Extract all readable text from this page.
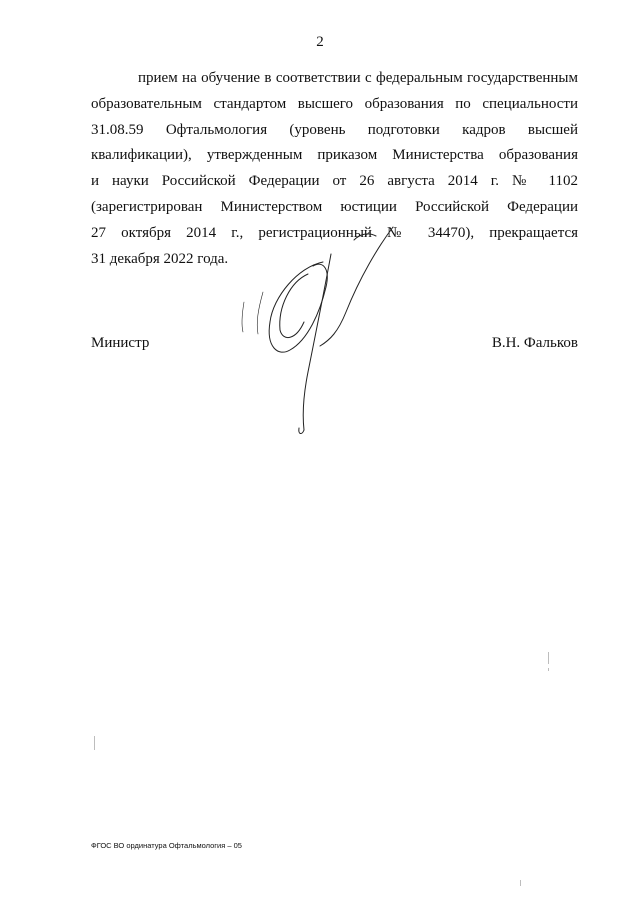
2
прием на обучение в соответствии с федеральным государственным
образовательным стандартом высшего образования по специальности
31.08.59 Офтальмология (уровень подготовки кадров высшей
квалификации), утвержденным приказом Министерства образования
и науки Российской Федерации от 26 августа 2014 г. № 1102
(зарегистрирован Министерством юстиции Российской Федерации
27 октября 2014 г., регистрационный № 34470), прекращается
31 декабря 2022 года.
Министр	В.Н. Фальков
ФГОС ВО ординатура Офтальмология – 05
